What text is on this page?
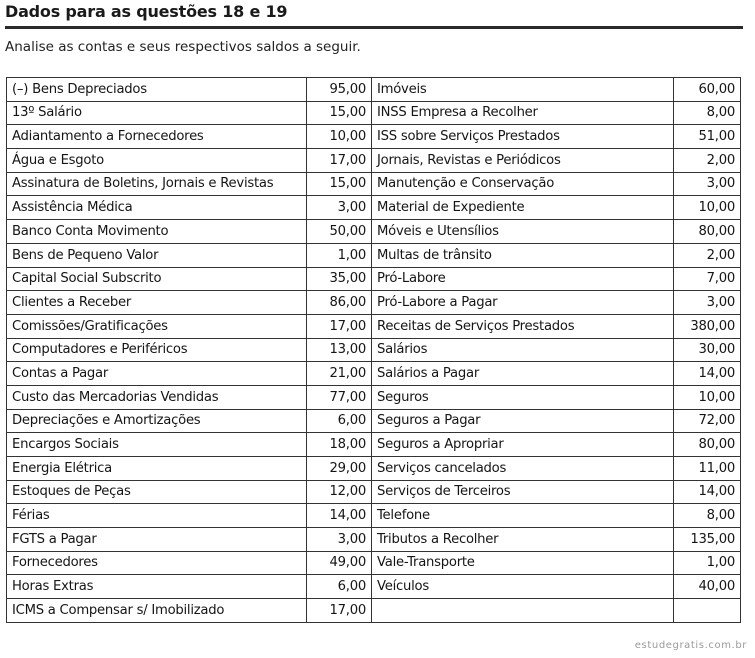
Dados para as questões 18 e 19
Analise as contas e seus respectivos saldos a seguir.
(–) Bens Depreciados	95,00	Imóveis	60,00
13º Salário	15,00	INSS Empresa a Recolher	8,00
Adiantamento a Fornecedores	10,00	ISS sobre Serviços Prestados	51,00
Água e Esgoto	17,00	Jornais, Revistas e Periódicos	2,00
Assinatura de Boletins, Jornais e Revistas	15,00	Manutenção e Conservação	3,00
Assistência Médica	3,00	Material de Expediente	10,00
Banco Conta Movimento	50,00	Móveis e Utensílios	80,00
Bens de Pequeno Valor	1,00	Multas de trânsito	2,00
Capital Social Subscrito	35,00	Pró-Labore	7,00
Clientes a Receber	86,00	Pró-Labore a Pagar	3,00
Comissões/Gratificações	17,00	Receitas de Serviços Prestados	380,00
Computadores e Periféricos	13,00	Salários	30,00
Contas a Pagar	21,00	Salários a Pagar	14,00
Custo das Mercadorias Vendidas	77,00	Seguros	10,00
Depreciações e Amortizações	6,00	Seguros a Pagar	72,00
Encargos Sociais	18,00	Seguros a Apropriar	80,00
Energia Elétrica	29,00	Serviços cancelados	11,00
Estoques de Peças	12,00	Serviços de Terceiros	14,00
Férias	14,00	Telefone	8,00
FGTS a Pagar	3,00	Tributos a Recolher	135,00
Fornecedores	49,00	Vale-Transporte	1,00
Horas Extras	6,00	Veículos	40,00
ICMS a Compensar s/ Imobilizado	17,00		
estudegratis.com.br
